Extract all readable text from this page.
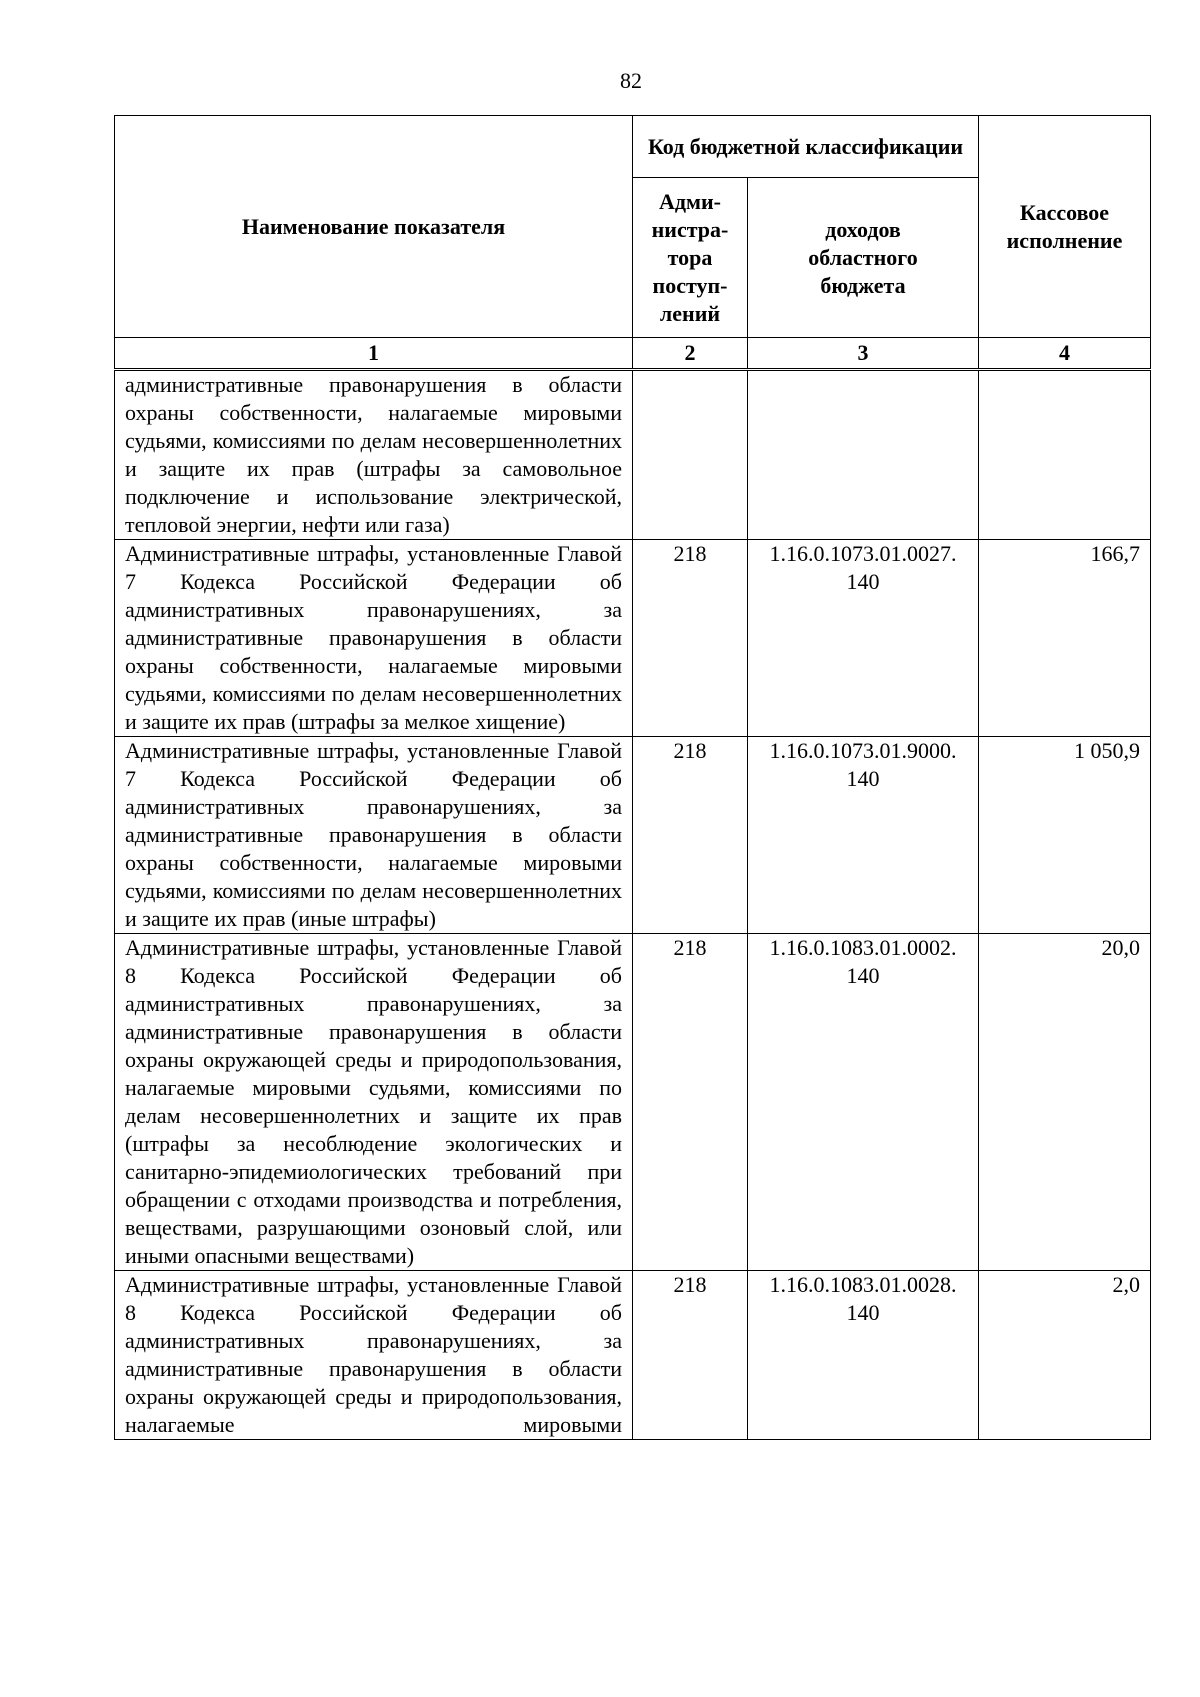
82
Наименование показателя	Код бюджетной классификации		Кассовое исполнение
	Адми-нистра-тора поступ-лений	доходов областного бюджета	
1	2	3	4
административные правонарушения в области охраны собственности, налагаемые мировыми судьями, комиссиями по делам несовершеннолетних и защите их прав (штрафы за самовольное подключение и использование электрической, тепловой энергии, нефти или газа)			
Административные штрафы, установленные Главой 7 Кодекса Российской Федерации об административных правонарушениях, за административные правонарушения в области охраны собственности, налагаемые мировыми судьями, комиссиями по делам несовершеннолетних и защите их прав (штрафы за мелкое хищение)	218	1.16.0.1073.01.0027. 140	166,7
Административные штрафы, установленные Главой 7 Кодекса Российской Федерации об административных правонарушениях, за административные правонарушения в области охраны собственности, налагаемые мировыми судьями, комиссиями по делам несовершеннолетних и защите их прав (иные штрафы)	218	1.16.0.1073.01.9000. 140	1 050,9
Административные штрафы, установленные Главой 8 Кодекса Российской Федерации об административных правонарушениях, за административные правонарушения в области охраны окружающей среды и природопользования, налагаемые мировыми судьями, комиссиями по делам несовершеннолетних и защите их прав (штрафы за несоблюдение экологических и санитарно-эпидемиологических требований при обращении с отходами производства и потребления, веществами, разрушающими озоновый слой, или иными опасными веществами)	218	1.16.0.1083.01.0002. 140	20,0
Административные штрафы, установленные Главой 8 Кодекса Российской Федерации об административных правонарушениях, за административные правонарушения в области охраны окружающей среды и природопользования, налагаемые мировыми	218	1.16.0.1083.01.0028. 140	2,0
